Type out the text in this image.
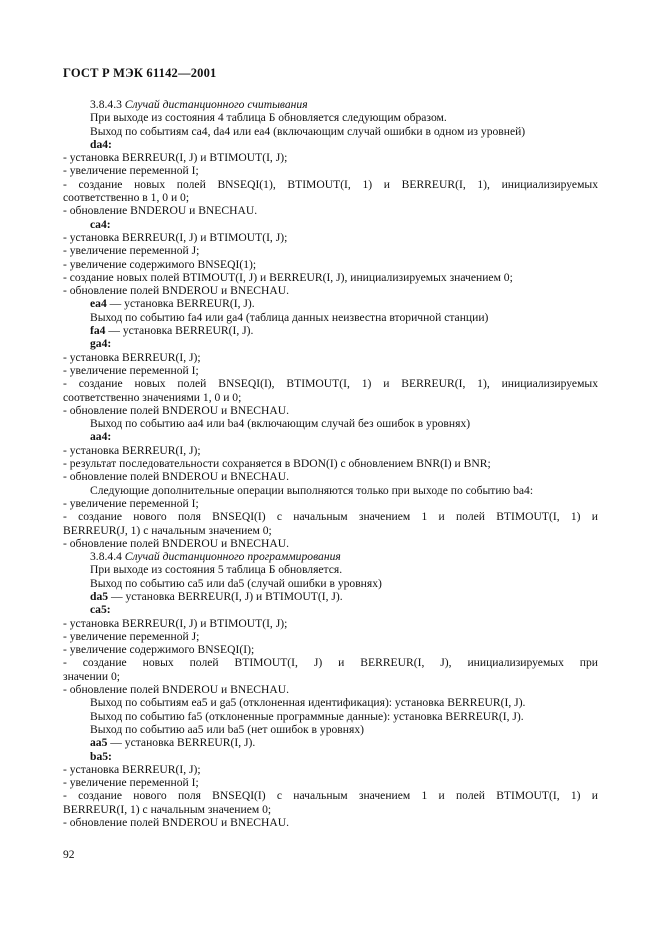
ГОСТ Р МЭК 61142—2001
3.8.4.3 Случай дистанционного считывания
При выходе из состояния 4 таблица Б обновляется следующим образом.
Выход по событиям ca4, da4 или ea4 (включающим случай ошибки в одном из уровней)
da4:
- установка BERREUR(I, J) и BTIMOUT(I, J);
- увеличение переменной I;
- создание новых полей BNSEQI(1), BTIMOUT(I, 1) и BERREUR(I, 1), инициализируемых
соответственно в 1, 0 и 0;
- обновление BNDEROU и BNECHAU.
ca4:
- установка BERREUR(I, J) и BTIMOUT(I, J);
- увеличение переменной J;
- увеличение содержимого BNSEQI(1);
- создание новых полей BTIMOUT(I, J) и BERREUR(I, J), инициализируемых значением 0;
- обновление полей BNDEROU и BNECHAU.
ea4 — установка BERREUR(I, J).
Выход по событию fa4 или ga4 (таблица данных неизвестна вторичной станции)
fa4 — установка BERREUR(I, J).
ga4:
- установка BERREUR(I, J);
- увеличение переменной I;
- создание новых полей BNSEQI(I), BTIMOUT(I, 1) и BERREUR(I, 1), инициализируемых
соответственно значениями 1, 0 и 0;
- обновление полей BNDEROU и BNECHAU.
Выход по событию aa4 или ba4 (включающим случай без ошибок в уровнях)
aa4:
- установка BERREUR(I, J);
- результат последовательности сохраняется в BDON(I) с обновлением BNR(I) и BNR;
- обновление полей BNDEROU и BNECHAU.
Следующие дополнительные операции выполняются только при выходе по событию ba4:
- увеличение переменной I;
- создание нового поля BNSEQI(I) с начальным значением 1 и полей BTIMOUT(I, 1) и
BERREUR(J, 1) с начальным значением 0;
- обновление полей BNDEROU и BNECHAU.
3.8.4.4 Случай дистанционного программирования
При выходе из состояния 5 таблица Б обновляется.
Выход по событию ca5 или da5 (случай ошибки в уровнях)
da5 — установка BERREUR(I, J) и BTIMOUT(I, J).
ca5:
- установка BERREUR(I, J) и BTIMOUT(I, J);
- увеличение переменной J;
- увеличение содержимого BNSEQI(I);
- создание новых полей BTIMOUT(I, J) и BERREUR(I, J), инициализируемых при
значении 0;
- обновление полей BNDEROU и BNECHAU.
Выход по событиям ea5 и ga5 (отклоненная идентификация): установка BERREUR(I, J).
Выход по событию fa5 (отклоненные программные данные): установка BERREUR(I, J).
Выход по событию aa5 или ba5 (нет ошибок в уровнях)
aa5 — установка BERREUR(I, J).
ba5:
- установка BERREUR(I, J);
- увеличение переменной I;
- создание нового поля BNSEQI(I) с начальным значением 1 и полей BTIMOUT(I, 1) и
BERREUR(I, 1) с начальным значением 0;
- обновление полей BNDEROU и BNECHAU.
92
